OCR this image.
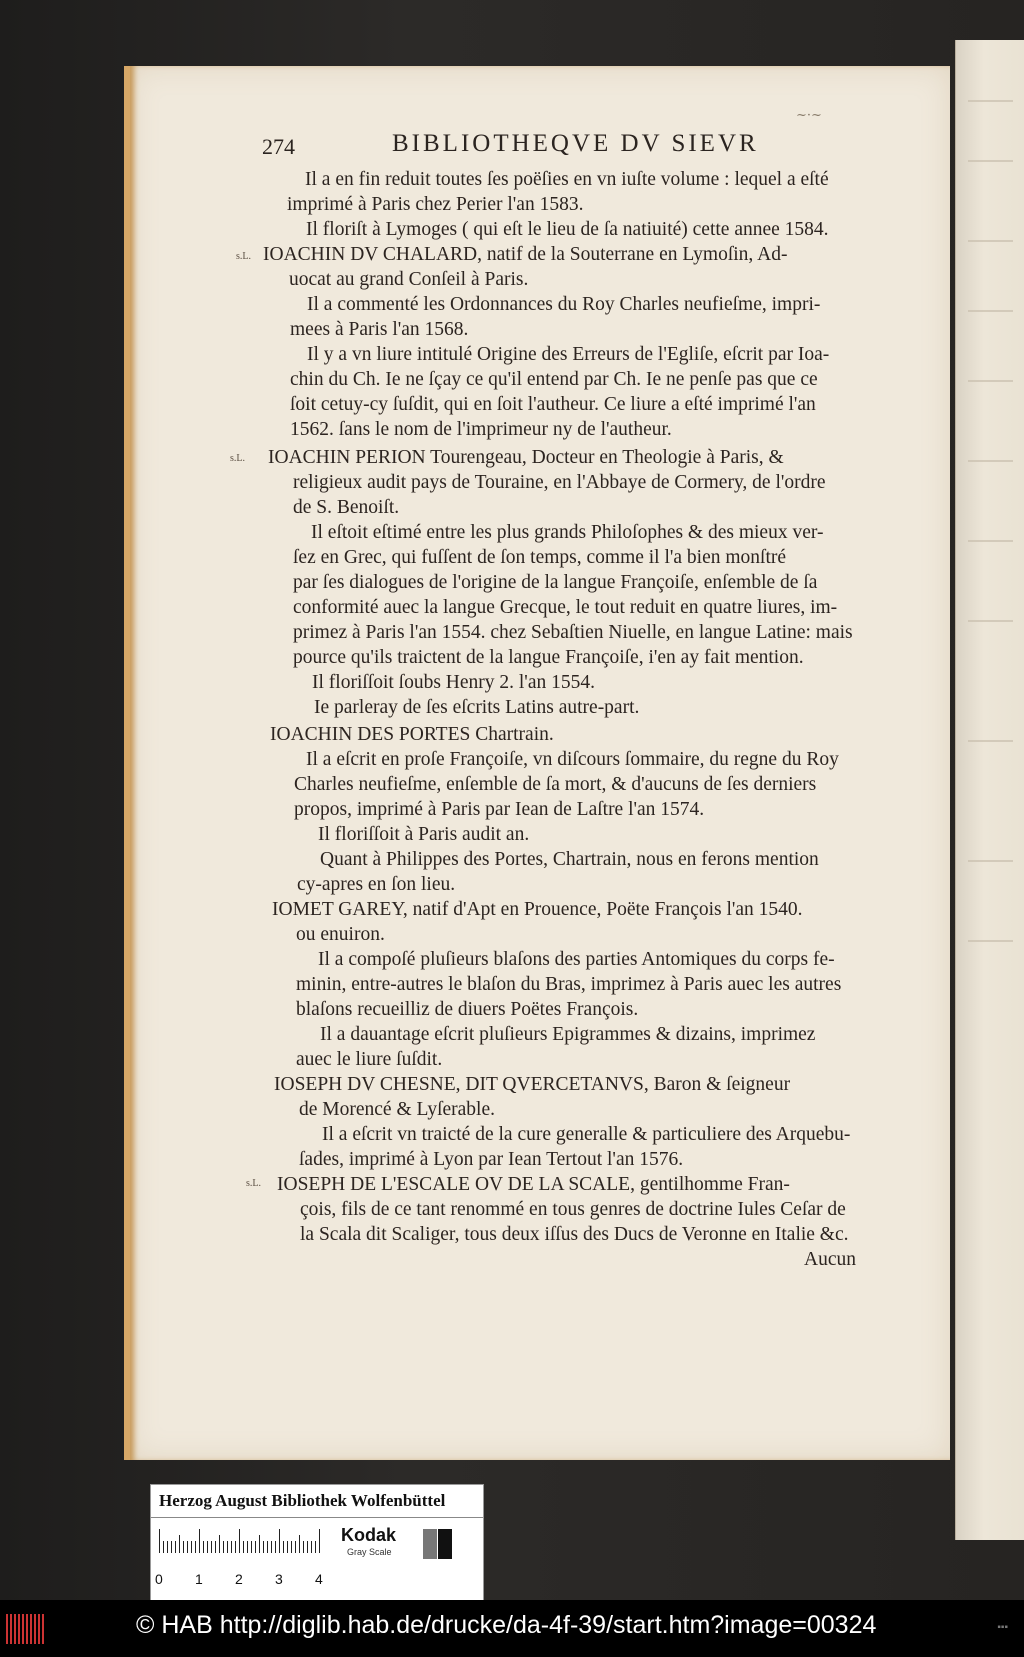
~·~
274	BIBLIOTHEQVE DV SIEVR
s.L.
s.L.
s.L.
Il a en fin reduit toutes ſes poëſies en vn iuſte volume : lequel a eſté
imprimé à Paris chez Perier l'an 1583.
Il floriſt à Lymoges ( qui eſt le lieu de ſa natiuité) cette annee 1584.
IOACHIN DV CHALARD, natif de la Souterrane en Lymoſin, Ad-
uocat au grand Conſeil à Paris.
Il a commenté les Ordonnances du Roy Charles neufieſme, impri-
mees à Paris l'an 1568.
Il y a vn liure intitulé Origine des Erreurs de l'Egliſe, eſcrit par Ioa-
chin du Ch. Ie ne ſçay ce qu'il entend par Ch. Ie ne penſe pas que ce
ſoit cetuy-cy ſuſdit, qui en ſoit l'autheur. Ce liure a eſté imprimé l'an
1562. ſans le nom de l'imprimeur ny de l'autheur.
IOACHIN PERION Tourengeau, Docteur en Theologie à Paris, &
religieux audit pays de Touraine, en l'Abbaye de Cormery, de l'ordre
de S. Benoiſt.
Il eſtoit eſtimé entre les plus grands Philoſophes & des mieux ver-
ſez en Grec, qui fuſſent de ſon temps, comme il l'a bien monſtré
par ſes dialogues de l'origine de la langue Françoiſe, enſemble de ſa
conformité auec la langue Grecque, le tout reduit en quatre liures, im-
primez à Paris l'an 1554. chez Sebaſtien Niuelle, en langue Latine: mais
pource qu'ils traictent de la langue Françoiſe, i'en ay fait mention.
Il floriſſoit ſoubs Henry 2. l'an 1554.
Ie parleray de ſes eſcrits Latins autre-part.
IOACHIN DES PORTES Chartrain.
Il a eſcrit en proſe Françoiſe, vn diſcours ſommaire, du regne du Roy
Charles neufieſme, enſemble de ſa mort, & d'aucuns de ſes derniers
propos, imprimé à Paris par Iean de Laſtre l'an 1574.
Il floriſſoit à Paris audit an.
Quant à Philippes des Portes, Chartrain, nous en ferons mention
cy-apres en ſon lieu.
IOMET GAREY, natif d'Apt en Prouence, Poëte François l'an 1540.
ou enuiron.
Il a compoſé pluſieurs blaſons des parties Antomiques du corps fe-
minin, entre-autres le blaſon du Bras, imprimez à Paris auec les autres
blaſons recueilliz de diuers Poëtes François.
Il a dauantage eſcrit pluſieurs Epigrammes & dizains, imprimez
auec le liure ſuſdit.
IOSEPH DV CHESNE, DIT QVERCETANVS, Baron & ſeigneur
de Morencé & Lyſerable.
Il a eſcrit vn traicté de la cure generalle & particuliere des Arquebu-
ſades, imprimé à Lyon par Iean Tertout l'an 1576.
IOSEPH DE L'ESCALE OV DE LA SCALE, gentilhomme Fran-
çois, fils de ce tant renommé en tous genres de doctrine Iules Ceſar de
la Scala dit Scaliger, tous deux iſſus des Ducs de Veronne en Italie &c.
Aucun
Herzog August Bibliothek Wolfenbüttel
0 1 2 3 4
Kodak
Gray Scale
© HAB http://diglib.hab.de/drucke/da-4f-39/start.htm?image=00324	▪▪▪
